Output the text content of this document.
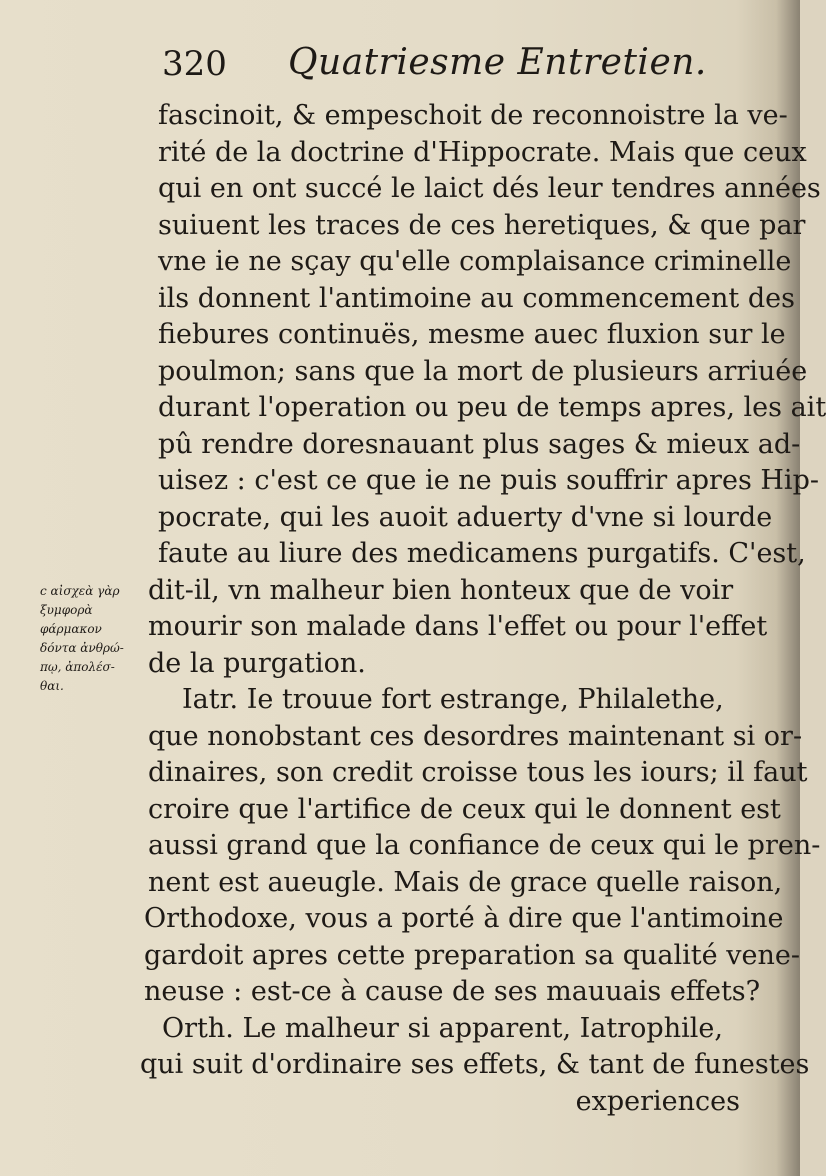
320 Quatriesme Entretien.
fascinoit, & empeschoit de reconnoistre la ve-
rité de la doctrine d'Hippocrate. Mais que ceux
qui en ont succé le laict dés leur tendres années
suiuent les traces de ces heretiques, & que par
vne ie ne sçay qu'elle complaisance criminelle
ils donnent l'antimoine au commencement des
fiebures continuës, mesme auec fluxion sur le
poulmon; sans que la mort de plusieurs arriuée
durant l'operation ou peu de temps apres, les ait
pû rendre doresnauant plus sages & mieux ad-
uisez : c'est ce que ie ne puis souffrir apres Hip-
pocrate, qui les auoit aduerty d'vne si lourde
faute au liure des medicamens purgatifs. C'est,
dit-il, vn malheur bien honteux que de voir
mourir son malade dans l'effet ou pour l'effet
de la purgation.
Iatr. Ie trouue fort estrange, Philalethe,
que nonobstant ces desordres maintenant si or-
dinaires, son credit croisse tous les iours; il faut
croire que l'artifice de ceux qui le donnent est
aussi grand que la confiance de ceux qui le pren-
nent est aueugle. Mais de grace quelle raison,
Orthodoxe, vous a porté à dire que l'antimoine
gardoit apres cette preparation sa qualité vene-
neuse : est-ce à cause de ses mauuais effets?
Orth. Le malheur si apparent, Iatrophile,
qui suit d'ordinaire ses effets, & tant de funestes
experiences
c αἰσχεὰ γὰρ
ξυμφορὰ
φάρμακον
δόντα ἀνθρώ-
πῳ, ἀπολέσ-
θαι.
